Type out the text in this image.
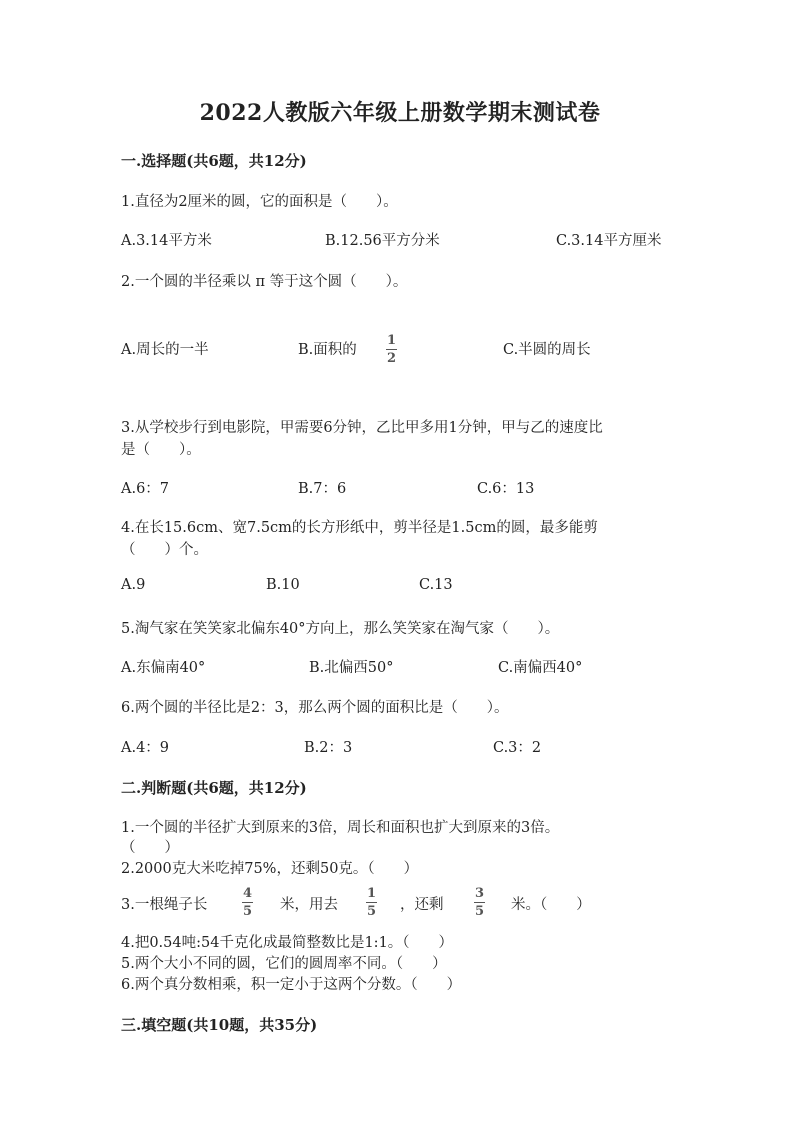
2022人教版六年级上册数学期末测试卷
一.选择题(共6题，共12分)
1.直径为2厘米的圆，它的面积是（　　）。
A.3.14平方米	B.12.56平方分米	C.3.14平方厘米
2.一个圆的半径乘以 π 等于这个圆（　　）。
A.周长的一半	B.面积的
1
2
C.半圆的周长
3.从学校步行到电影院，甲需要6分钟，乙比甲多用1分钟，甲与乙的速度比
是（　　）。
A.6：7	B.7：6	C.6：13
4.在长15.6cm、宽7.5cm的长方形纸中，剪半径是1.5cm的圆，最多能剪
（　　）个。
A.9	B.10	C.13
5.淘气家在笑笑家北偏东40°方向上，那么笑笑家在淘气家（　　）。
A.东偏南40°	B.北偏西50°	C.南偏西40°
6.两个圆的半径比是2：3，那么两个圆的面积比是（　　）。
A.4：9	B.2：3	C.3：2
二.判断题(共6题，共12分)
1.一个圆的半径扩大到原来的3倍，周长和面积也扩大到原来的3倍。
（　　）
2.2000克大米吃掉75%，还剩50克。（　　）
3.一根绳子长
4
5 米，用去
1
5 ，还剩
3
5 米。（　　）
4.把0.54吨:54千克化成最简整数比是1:1。（　　）
5.两个大小不同的圆，它们的圆周率不同。（　　）
6.两个真分数相乘，积一定小于这两个分数。（　　）
三.填空题(共10题，共35分)
